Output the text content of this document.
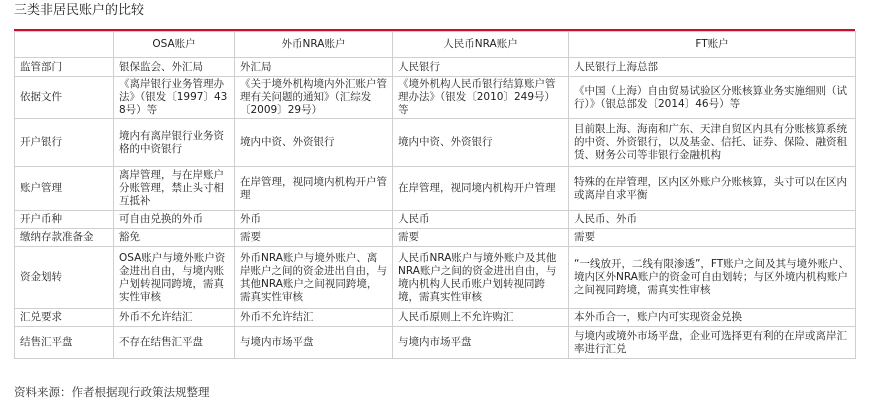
三类非居民账户的比较
	OSA账户	外币NRA账户	人民币NRA账户	FT账户
监管部门	银保监会、外汇局	外汇局	人民银行	人民银行上海总部
依据文件	《离岸银行业务管理办法》（银发〔1997〕438号）等	《关于境外机构境内外汇账户管理有关问题的通知》（汇综发〔2009〕29号）	《境外机构人民币银行结算账户管理办法》（银发〔2010〕249号）等	《中国（上海）自由贸易试验区分账核算业务实施细则（试行）》（银总部发〔2014〕46号）等
开户银行	境内有离岸银行业务资格的中资银行	境内中资、外资银行	境内中资、外资银行	目前限上海、海南和广东、天津自贸区内具有分账核算系统的中资、外资银行，以及基金、信托、证券、保险、融资租赁、财务公司等非银行金融机构
账户管理	离岸管理，与在岸账户分账管理，禁止头寸相互抵补	在岸管理，视同境内机构开户管理	在岸管理，视同境内机构开户管理	特殊的在岸管理，区内区外账户分账核算，头寸可以在区内或离岸自求平衡
开户币种	可自由兑换的外币	外币	人民币	人民币、外币
缴纳存款准备金	豁免	需要	需要	需要
资金划转	OSA账户与境外账户资金进出自由，与境内账户划转视同跨境，需真实性审核	外币NRA账户与境外账户、离岸账户之间的资金进出自由，与其他NRA账户之间视同跨境，需真实性审核	人民币NRA账户与境外账户及其他NRA账户之间的资金进出自由，与境内机构人民币账户划转视同跨境，需真实性审核	“一线放开，二线有限渗透”，FT账户之间及其与境外账户、境内区外NRA账户的资金可自由划转；与区外境内机构账户之间视同跨境，需真实性审核
汇兑要求	外币不允许结汇	外币不允许结汇	人民币原则上不允许购汇	本外币合一，账户内可实现资金兑换
结售汇平盘	不存在结售汇平盘	与境内市场平盘	与境内市场平盘	与境内或境外市场平盘，企业可选择更有利的在岸或离岸汇率进行汇兑
资料来源：作者根据现行政策法规整理
